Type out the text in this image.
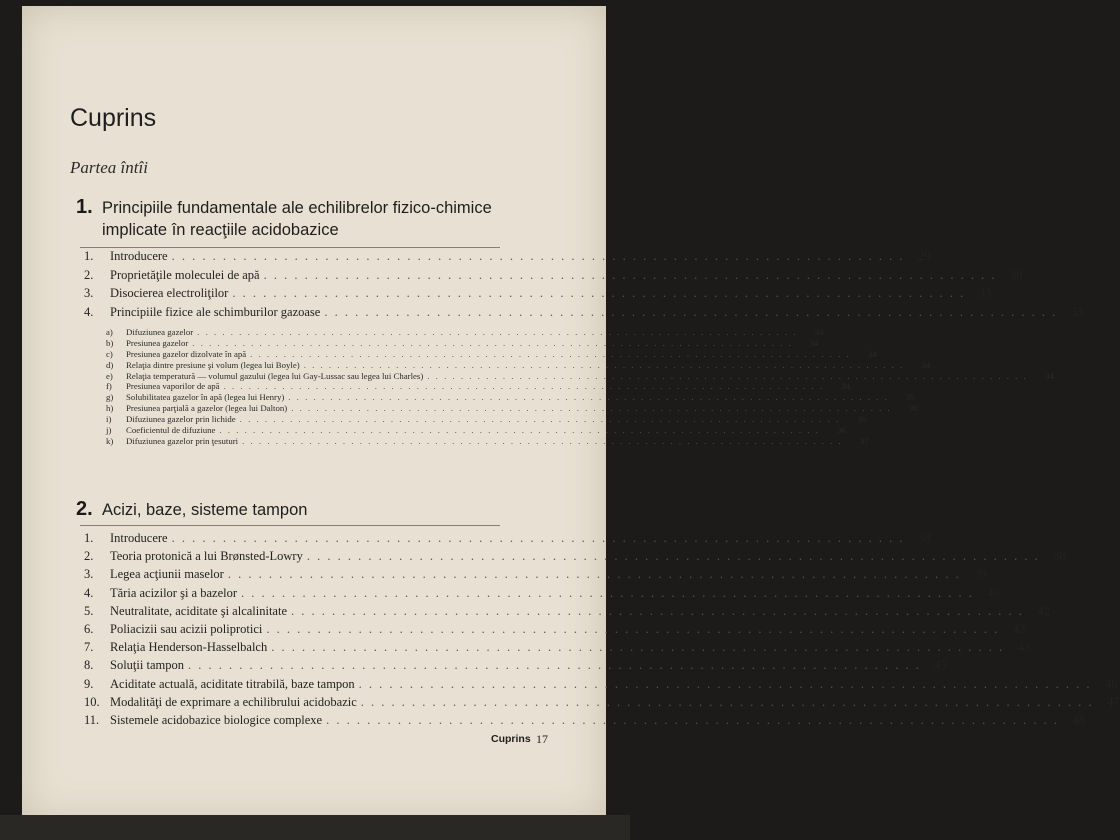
Cuprins
Partea întîi
1. Principiile fundamentale ale echilibrelor fizico-chimice
implicate în reacţiile acidobazice
1.	Introducere . . . . . . . . . . . . . . . . . . . . . . . . . . . . . . . . . . . . . . . . . . . . . . . . . . . . . . . . . . . . . . . . . . . . . . . .	29
2.	Proprietăţile moleculei de apă . . . . . . . . . . . . . . . . . . . . . . . . . . . . . . . . . . . . . . . . . . . . . . . . . . . . . . . . . . . . . . . . . . . . . . . .	30
3.	Disocierea electroliţilor . . . . . . . . . . . . . . . . . . . . . . . . . . . . . . . . . . . . . . . . . . . . . . . . . . . . . . . . . . . . . . . . . . . . . . . .	33
4.	Principiile fizice ale schimburilor gazoase . . . . . . . . . . . . . . . . . . . . . . . . . . . . . . . . . . . . . . . . . . . . . . . . . . . . . . . . . . . . . . . . . . . . . . . .	33
a)	Difuziunea gazelor . . . . . . . . . . . . . . . . . . . . . . . . . . . . . . . . . . . . . . . . . . . . . . . . . . . . . . . . . . . . . . . . . . . . . . . .	34
b)	Presiunea gazelor . . . . . . . . . . . . . . . . . . . . . . . . . . . . . . . . . . . . . . . . . . . . . . . . . . . . . . . . . . . . . . . . . . . . . . . .	34
c)	Presiunea gazelor dizolvate în apă . . . . . . . . . . . . . . . . . . . . . . . . . . . . . . . . . . . . . . . . . . . . . . . . . . . . . . . . . . . . . . . . . . . . . . . .	34
d)	Relaţia dintre presiune şi volum (legea lui Boyle) . . . . . . . . . . . . . . . . . . . . . . . . . . . . . . . . . . . . . . . . . . . . . . . . . . . . . . . . . . . . . . . . . . . . . . . .	34
e)	Relaţia temperatură — volumul gazului (legea lui Gay-Lussac sau legea lui Charles) . . . . . . . . . . . . . . . . . . . . . . . . . . . . . . . . . . . . . . . . . . . . . . . . . . . . . . . . . . . . . . . . . . . . . . . .	34
f)	Presiunea vaporilor de apă . . . . . . . . . . . . . . . . . . . . . . . . . . . . . . . . . . . . . . . . . . . . . . . . . . . . . . . . . . . . . . . . . . . . . . . .	34
g)	Solubilitatea gazelor în apă (legea lui Henry) . . . . . . . . . . . . . . . . . . . . . . . . . . . . . . . . . . . . . . . . . . . . . . . . . . . . . . . . . . . . . . . . . . . . . . . .	35
h)	Presiunea parţială a gazelor (legea lui Dalton) . . . . . . . . . . . . . . . . . . . . . . . . . . . . . . . . . . . . . . . . . . . . . . . . . . . . . . . . . . . . . . . . . . . . . . . .	36
i)	Difuziunea gazelor prin lichide . . . . . . . . . . . . . . . . . . . . . . . . . . . . . . . . . . . . . . . . . . . . . . . . . . . . . . . . . . . . . . . . . . . . . . . .	36
j)	Coeficientul de difuziune . . . . . . . . . . . . . . . . . . . . . . . . . . . . . . . . . . . . . . . . . . . . . . . . . . . . . . . . . . . . . . . . . . . . . . . .	36
k)	Difuziunea gazelor prin ţesuturi . . . . . . . . . . . . . . . . . . . . . . . . . . . . . . . . . . . . . . . . . . . . . . . . . . . . . . . . . . . . . . . . . . . . . . . .	37
2. Acizi, baze, sisteme tampon
1.	Introducere . . . . . . . . . . . . . . . . . . . . . . . . . . . . . . . . . . . . . . . . . . . . . . . . . . . . . . . . . . . . . . . . . . . . . . . .	38
2.	Teoria protonică a lui Brønsted-Lowry . . . . . . . . . . . . . . . . . . . . . . . . . . . . . . . . . . . . . . . . . . . . . . . . . . . . . . . . . . . . . . . . . . . . . . . .	38
3.	Legea acţiunii maselor . . . . . . . . . . . . . . . . . . . . . . . . . . . . . . . . . . . . . . . . . . . . . . . . . . . . . . . . . . . . . . . . . . . . . . . .	39
4.	Tăria acizilor şi a bazelor . . . . . . . . . . . . . . . . . . . . . . . . . . . . . . . . . . . . . . . . . . . . . . . . . . . . . . . . . . . . . . . . . . . . . . . .	40
5.	Neutralitate, aciditate şi alcalinitate . . . . . . . . . . . . . . . . . . . . . . . . . . . . . . . . . . . . . . . . . . . . . . . . . . . . . . . . . . . . . . . . . . . . . . . .	42
6.	Poliacizii sau acizii poliprotici . . . . . . . . . . . . . . . . . . . . . . . . . . . . . . . . . . . . . . . . . . . . . . . . . . . . . . . . . . . . . . . . . . . . . . . .	43
7.	Relaţia Henderson-Hasselbalch . . . . . . . . . . . . . . . . . . . . . . . . . . . . . . . . . . . . . . . . . . . . . . . . . . . . . . . . . . . . . . . . . . . . . . . .	43
8.	Soluţii tampon . . . . . . . . . . . . . . . . . . . . . . . . . . . . . . . . . . . . . . . . . . . . . . . . . . . . . . . . . . . . . . . . . . . . . . . .	45
9.	Aciditate actuală, aciditate titrabilă, baze tampon . . . . . . . . . . . . . . . . . . . . . . . . . . . . . . . . . . . . . . . . . . . . . . . . . . . . . . . . . . . . . . . . . . . . . . . .	46
10. Modalităţi de exprimare a echilibrului acidobazic . . . . . . . . . . . . . . . . . . . . . . . . . . . . . . . . . . . . . . . . . . . . . . . . . . . . . . . . . . . . . . . . . . . . . . . .	47
11. Sistemele acidobazice biologice complexe . . . . . . . . . . . . . . . . . . . . . . . . . . . . . . . . . . . . . . . . . . . . . . . . . . . . . . . . . . . . . . . . . . . . . . . .	48
Cuprins 17
